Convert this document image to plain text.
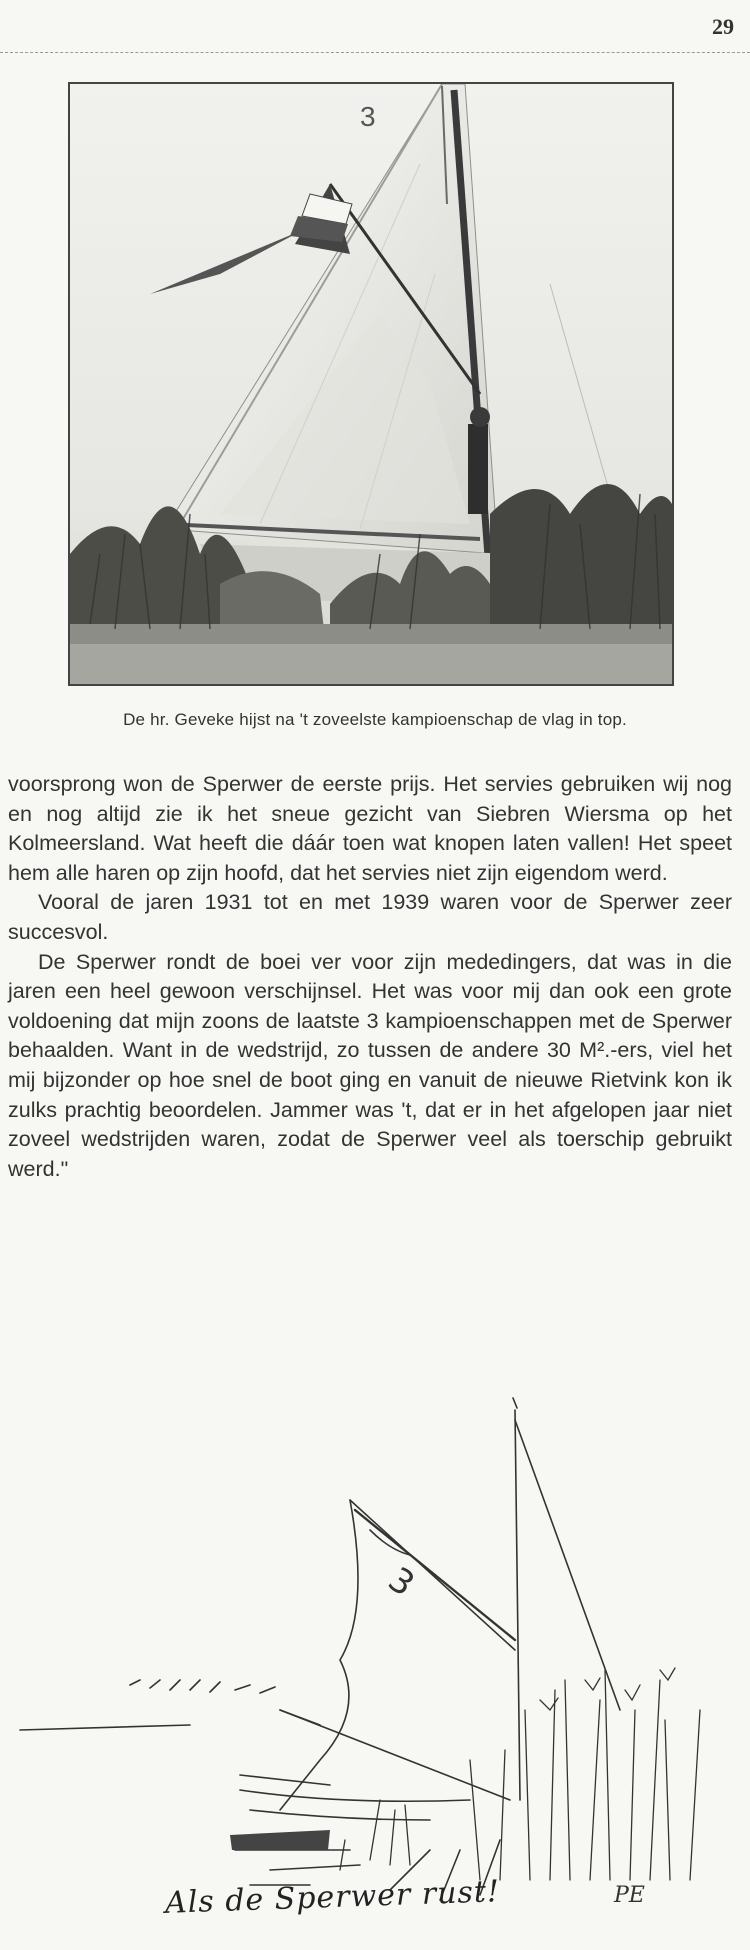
29
3
De hr. Geveke hijst na 't zoveelste kampioenschap de vlag in top.

voorsprong won de Sperwer de eerste prijs. Het servies gebruiken wij nog en nog altijd zie ik het sneue gezicht van Siebren Wiersma op het Kolmeersland. Wat heeft die dáár toen wat knopen laten vallen! Het speet hem alle haren op zijn hoofd, dat het servies niet zijn eigendom werd.

Vooral de jaren 1931 tot en met 1939 waren voor de Sperwer zeer succesvol.

De Sperwer rondt de boei ver voor zijn mededingers, dat was in die jaren een heel gewoon verschijnsel. Het was voor mij dan ook een grote voldoening dat mijn zoons de laatste 3 kampioenschappen met de Sperwer behaalden. Want in de wedstrijd, zo tussen de andere 30 M².-ers, viel het mij bijzonder op hoe snel de boot ging en vanuit de nieuwe Rietvink kon ik zulks prachtig beoordelen. Jammer was 't, dat er in het afgelopen jaar niet zoveel wedstrijden waren, zodat de Sperwer veel als toerschip gebruikt werd."

3
PE
Als de Sperwer rust!
